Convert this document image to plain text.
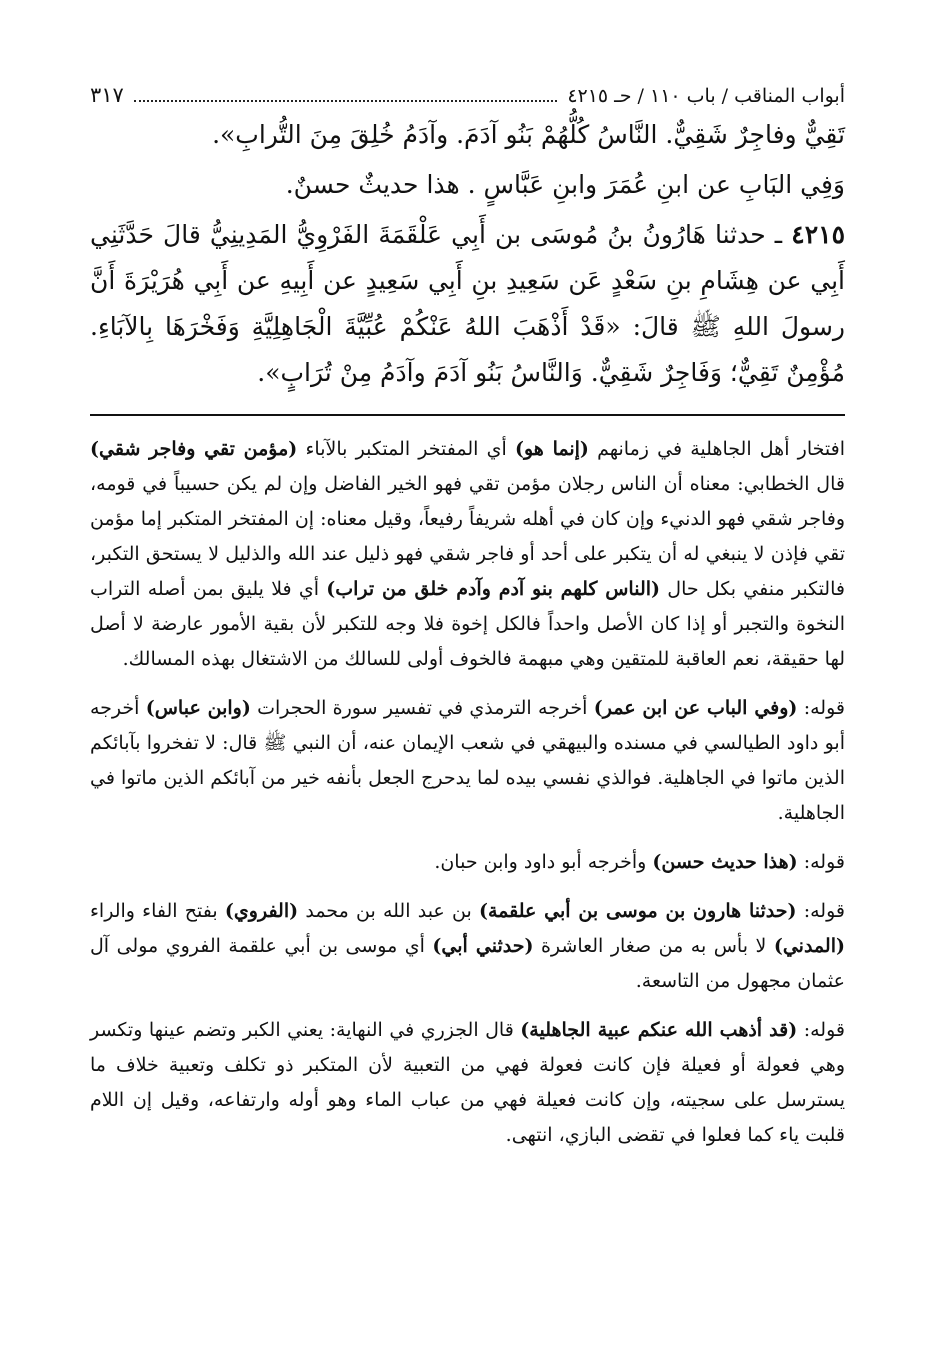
أبواب المناقب / باب ١١٠ / حـ ٤٢١٥
٣١٧

تَقِيٌّ وفاجِرٌ شَقِيٌّ. النَّاسُ كُلُّهُمْ بَنُو آدَمَ. وآدَمُ خُلِقَ مِنَ التُّرابِ».

وَفِي البَابِ عن ابنِ عُمَرَ وابنِ عَبَّاسٍ . هذا حديثٌ حسنٌ.

٤٢١٥ ـ حدثنا هَارُونُ بنُ مُوسَى بن أَبِي عَلْقَمَةَ الفَرْوِيُّ المَدِينِيُّ قالَ حَدَّثَنِي أَبِي عن هِشَامِ بنِ سَعْدٍ عَن سَعِيدِ بنِ أَبِي سَعِيدٍ عن أَبِيهِ عن أَبِي هُرَيْرَةَ أَنَّ رسولَ اللهِ ﷺ قالَ: «قَدْ أَذْهَبَ اللهُ عَنْكُمْ عُبِّيَّةَ الْجَاهِلِيَّةِ وَفَخْرَهَا بِالآبَاءِ. مُؤْمِنٌ تَقِيٌّ؛ وَفَاجِرٌ شَقِيٌّ. وَالنَّاسُ بَنُو آدَمَ وآدَمُ مِنْ تُرَابٍ».

افتخار أهل الجاهلية في زمانهم (إنما هو) أي المفتخر المتكبر بالآباء (مؤمن تقي وفاجر شقي) قال الخطابي: معناه أن الناس رجلان مؤمن تقي فهو الخير الفاضل وإن لم يكن حسيباً في قومه، وفاجر شقي فهو الدنيء وإن كان في أهله شريفاً رفيعاً، وقيل معناه: إن المفتخر المتكبر إما مؤمن تقي فإذن لا ينبغي له أن يتكبر على أحد أو فاجر شقي فهو ذليل عند الله والذليل لا يستحق التكبر، فالتكبر منفي بكل حال (الناس كلهم بنو آدم وآدم خلق من تراب) أي فلا يليق بمن أصله التراب النخوة والتجبر أو إذا كان الأصل واحداً فالكل إخوة فلا وجه للتكبر لأن بقية الأمور عارضة لا أصل لها حقيقة، نعم العاقبة للمتقين وهي مبهمة فالخوف أولى للسالك من الاشتغال بهذه المسالك.

قوله: (وفي الباب عن ابن عمر) أخرجه الترمذي في تفسير سورة الحجرات (وابن عباس) أخرجه أبو داود الطيالسي في مسنده والبيهقي في شعب الإيمان عنه، أن النبي ﷺ قال: لا تفخروا بآبائكم الذين ماتوا في الجاهلية. فوالذي نفسي بيده لما يدحرج الجعل بأنفه خير من آبائكم الذين ماتوا في الجاهلية.

قوله: (هذا حديث حسن) وأخرجه أبو داود وابن حبان.

قوله: (حدثنا هارون بن موسى بن أبي علقمة) بن عبد الله بن محمد (الفروي) بفتح الفاء والراء (المدني) لا بأس به من صغار العاشرة (حدثني أبي) أي موسى بن أبي علقمة الفروي مولى آل عثمان مجهول من التاسعة.

قوله: (قد أذهب الله عنكم عبية الجاهلية) قال الجزري في النهاية: يعني الكبر وتضم عينها وتكسر وهي فعولة أو فعيلة فإن كانت فعولة فهي من التعبية لأن المتكبر ذو تكلف وتعبية خلاف ما يسترسل على سجيته، وإن كانت فعيلة فهي من عباب الماء وهو أوله وارتفاعه، وقيل إن اللام قلبت ياء كما فعلوا في تقضى البازي، انتهى.
